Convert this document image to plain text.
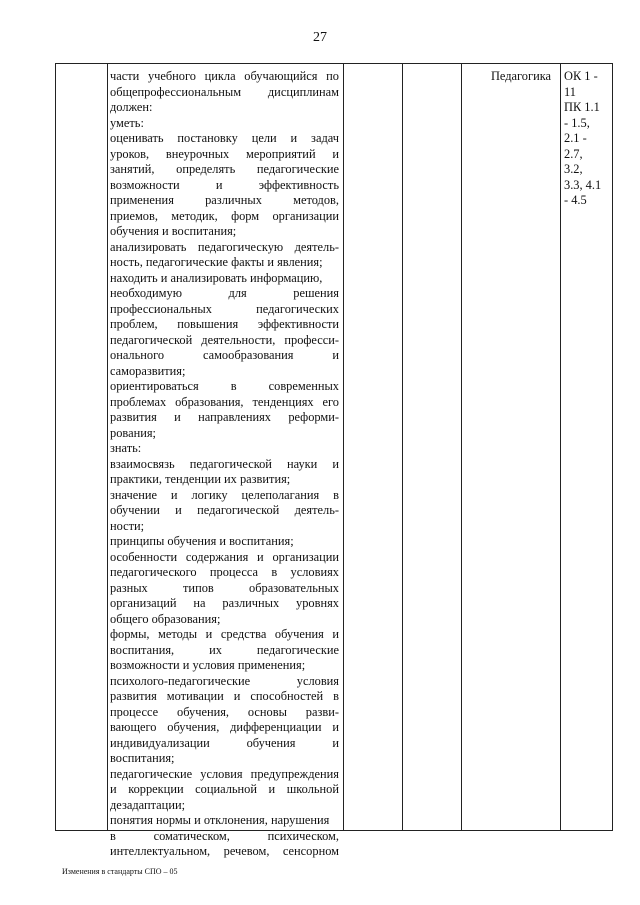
27
части учебного цикла обучающийся по
общепрофессиональным дисциплинам
должен:
уметь:
оценивать постановку цели и задач
уроков, внеурочных мероприятий и
занятий, определять педагогические
возможности и эффективность
применения различных методов,
приемов, методик, форм организации
обучения и воспитания;
анализировать педагогическую деятель-
ность, педагогические факты и явления;
находить и анализировать информацию,
необходимую для решения
профессиональных педагогических
проблем, повышения эффективности
педагогической деятельности, професси-
онального самообразования и
саморазвития;
ориентироваться в современных
проблемах образования, тенденциях его
развития и направлениях реформи-
рования;
знать:
взаимосвязь педагогической науки и
практики, тенденции их развития;
значение и логику целеполагания в
обучении и педагогической деятель-
ности;
принципы обучения и воспитания;
особенности содержания и организации
педагогического процесса в условиях
разных типов образовательных
организаций на различных уровнях
общего образования;
формы, методы и средства обучения и
воспитания, их педагогические
возможности и условия применения;
психолого-педагогические условия
развития мотивации и способностей в
процессе обучения, основы разви-
вающего обучения, дифференциации и
индивидуализации обучения и
воспитания;
педагогические условия предупреждения
и коррекции социальной и школьной
дезадаптации;
понятия нормы и отклонения, нарушения
в соматическом, психическом,
интеллектуальном, речевом, сенсорном
Педагогика	ОК 1 -
11
ПК 1.1
- 1.5,
2.1 -
2.7,
3.2,
3.3, 4.1
- 4.5
Изменения в стандарты СПО – 05
